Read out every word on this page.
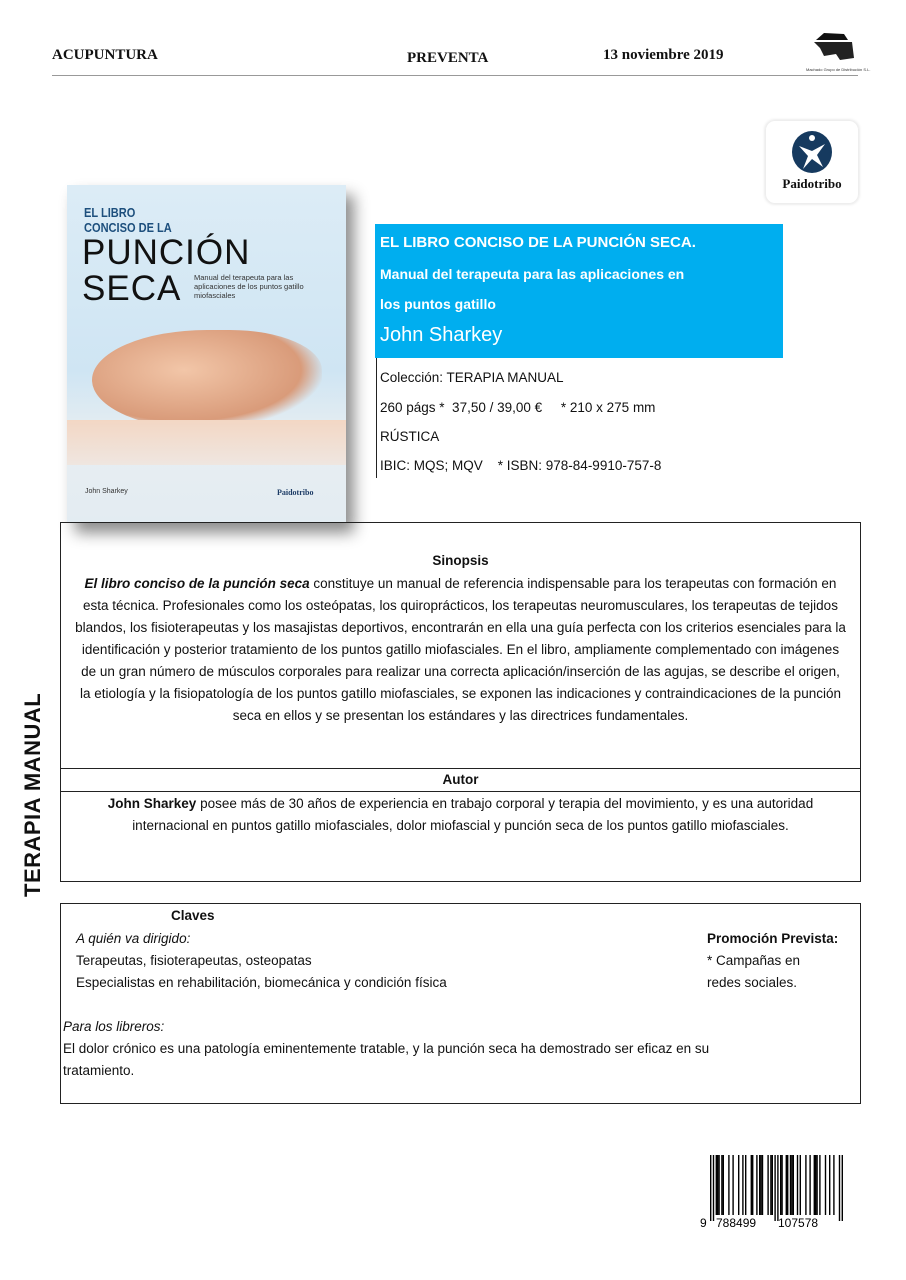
ACUPUNTURA	PREVENTA	13 noviembre 2019
Machado Grupo de Distribución S.L.
Paidotribo
EL LIBRO
CONCISO DE LA
PUNCIÓN
SECA	Manual del terapeuta para las aplicaciones de los puntos gatillo miofasciales
John Sharkey	Paidotribo
EL LIBRO CONCISO DE LA PUNCIÓN SECA.
Manual del terapeuta para las aplicaciones en
los puntos gatillo
John Sharkey
Colección: TERAPIA MANUAL
260 págs *  37,50 / 39,00 €     * 210 x 275 mm
RÚSTICA
IBIC: MQS; MQV    * ISBN: 978-84-9910-757-8
TERAPIA MANUAL
Sinopsis
El libro conciso de la punción seca constituye un manual de referencia indispensable para los terapeutas con formación en esta técnica. Profesionales como los osteópatas, los quiroprácticos, los terapeutas neuromusculares, los terapeutas de tejidos blandos, los fisioterapeutas y los masajistas deportivos, encontrarán en ella una guía perfecta con los criterios esenciales para la identificación y posterior tratamiento de los puntos gatillo miofasciales. En el libro, ampliamente complementado con imágenes de un gran número de músculos corporales para realizar una correcta aplicación/inserción de las agujas, se describe el origen, la etiología y la fisiopatología de los puntos gatillo miofasciales, se exponen las indicaciones y contraindicaciones de la punción seca en ellos y se presentan los estándares y las directrices fundamentales.
Autor
John Sharkey posee más de 30 años de experiencia en trabajo corporal y terapia del movimiento, y es una autoridad internacional en puntos gatillo miofasciales, dolor miofascial y punción seca de los puntos gatillo miofasciales.
Claves
A quién va dirigido:
Terapeutas, fisioterapeutas, osteopatas
Especialistas en rehabilitación, biomecánica y condición física
Promoción Prevista:
* Campañas en
redes sociales.
Para los libreros:
El dolor crónico es una patología eminentemente tratable, y la punción seca ha demostrado ser eficaz en su
tratamiento.
9 788499 107578
